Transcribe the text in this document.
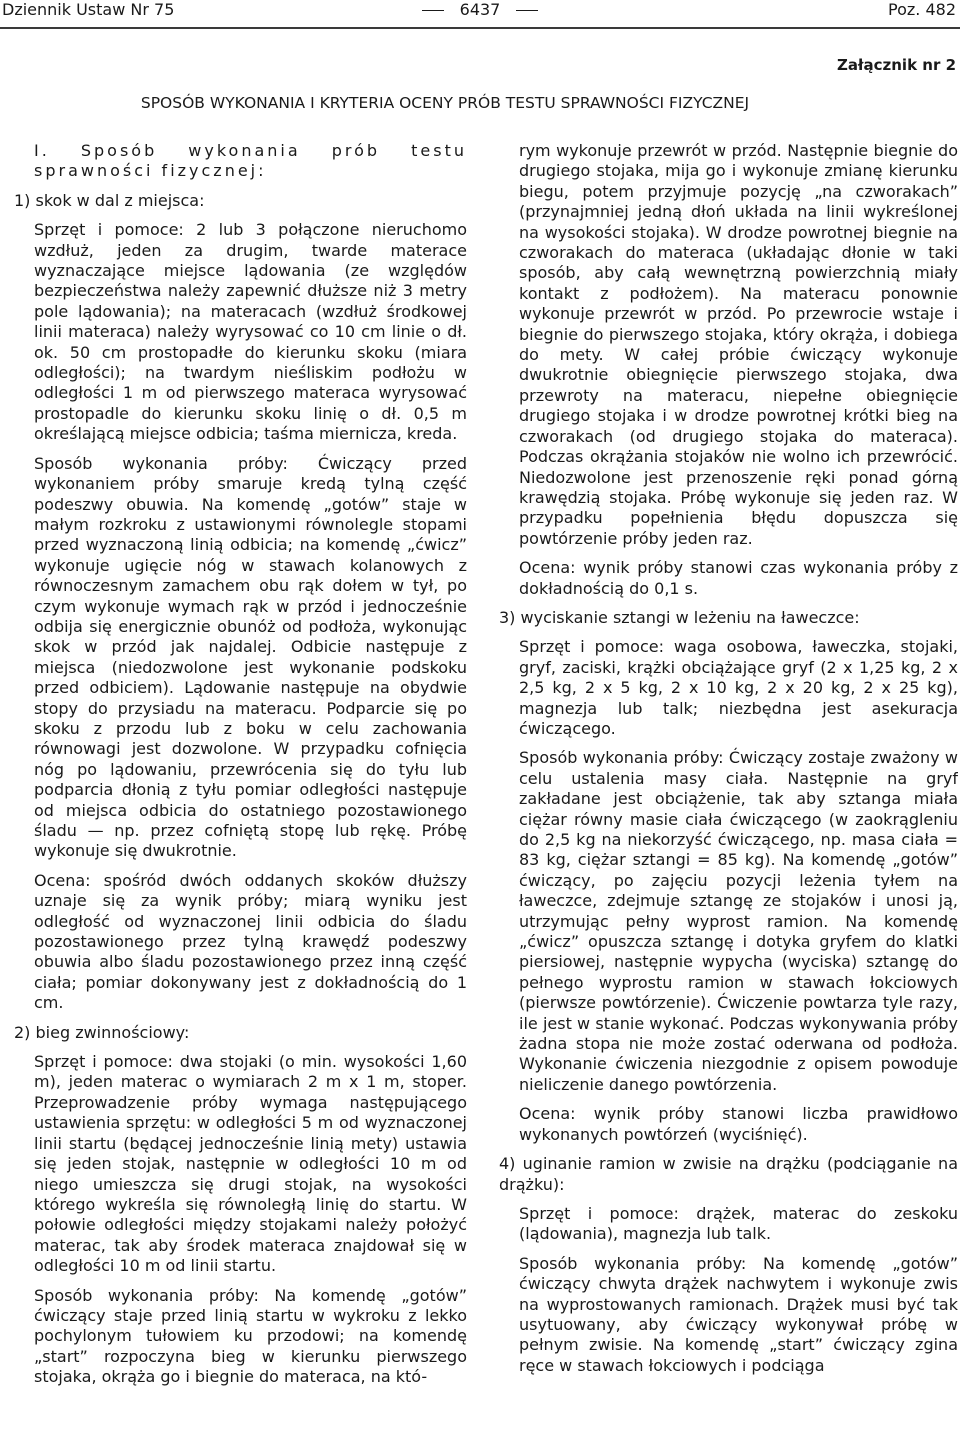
Dziennik Ustaw Nr 75	6437	Poz. 482
Załącznik nr 2
SPOSÓB WYKONANIA I KRYTERIA OCENY PRÓB TESTU SPRAWNOŚCI FIZYCZNEJ

I. Sposób wykonania prób testu sprawności fizycznej:

1) skok w dal z miejsca:

Sprzęt i pomoce: 2 lub 3 połączone nieruchomo wzdłuż, jeden za drugim, twarde materace wyznaczające miejsce lądowania (ze względów bezpieczeństwa należy zapewnić dłuższe niż 3 metry pole lądowania); na materacach (wzdłuż środkowej linii materaca) należy wyrysować co 10 cm linie o dł. ok. 50 cm prostopadłe do kierunku skoku (miara odległości); na twardym nieśliskim podłożu w odległości 1 m od pierwszego materaca wyrysować prostopadle do kierunku skoku linię o dł. 0,5 m określającą miejsce odbicia; taśma miernicza, kreda.

Sposób wykonania próby: Ćwiczący przed wykonaniem próby smaruje kredą tylną część podeszwy obuwia. Na komendę „gotów” staje w małym rozkroku z ustawionymi równolegle stopami przed wyznaczoną linią odbicia; na komendę „ćwicz” wykonuje ugięcie nóg w stawach kolanowych z równoczesnym zamachem obu rąk dołem w tył, po czym wykonuje wymach rąk w przód i jednocześnie odbija się energicznie obunóż od podłoża, wykonując skok w przód jak najdalej. Odbicie następuje z miejsca (niedozwolone jest wykonanie podskoku przed odbiciem). Lądowanie następuje na obydwie stopy do przysiadu na materacu. Podparcie się po skoku z przodu lub z boku w celu zachowania równowagi jest dozwolone. W przypadku cofnięcia nóg po lądowaniu, przewrócenia się do tyłu lub podparcia dłonią z tyłu pomiar odległości następuje od miejsca odbicia do ostatniego pozostawionego śladu — np. przez cofniętą stopę lub rękę. Próbę wykonuje się dwukrotnie.

Ocena: spośród dwóch oddanych skoków dłuższy uznaje się za wynik próby; miarą wyniku jest odległość od wyznaczonej linii odbicia do śladu pozostawionego przez tylną krawędź podeszwy obuwia albo śladu pozostawionego przez inną część ciała; pomiar dokonywany jest z dokładnością do 1 cm.

2) bieg zwinnościowy:

Sprzęt i pomoce: dwa stojaki (o min. wysokości 1,60 m), jeden materac o wymiarach 2 m x 1 m, stoper. Przeprowadzenie próby wymaga następującego ustawienia sprzętu: w odległości 5 m od wyznaczonej linii startu (będącej jednocześnie linią mety) ustawia się jeden stojak, następnie w odległości 10 m od niego umieszcza się drugi stojak, na wysokości którego wykreśla się równoległą linię do startu. W połowie odległości między stojakami należy położyć materac, tak aby środek materaca znajdował się w odległości 10 m od linii startu.

Sposób wykonania próby: Na komendę „gotów” ćwiczący staje przed linią startu w wykroku z lekko pochylonym tułowiem ku przodowi; na komendę „start” rozpoczyna bieg w kierunku pierwszego stojaka, okrąża go i biegnie do materaca, na któ-

rym wykonuje przewrót w przód. Następnie biegnie do drugiego stojaka, mija go i wykonuje zmianę kierunku biegu, potem przyjmuje pozycję „na czworakach” (przynajmniej jedną dłoń układa na linii wykreślonej na wysokości stojaka). W drodze powrotnej biegnie na czworakach do materaca (układając dłonie w taki sposób, aby całą wewnętrzną powierzchnią miały kontakt z podłożem). Na materacu ponownie wykonuje przewrót w przód. Po przewrocie wstaje i biegnie do pierwszego stojaka, który okrąża, i dobiega do mety. W całej próbie ćwiczący wykonuje dwukrotnie obiegnięcie pierwszego stojaka, dwa przewroty na materacu, niepełne obiegnięcie drugiego stojaka i w drodze powrotnej krótki bieg na czworakach (od drugiego stojaka do materaca). Podczas okrążania stojaków nie wolno ich przewrócić. Niedozwolone jest przenoszenie ręki ponad górną krawędzią stojaka. Próbę wykonuje się jeden raz. W przypadku popełnienia błędu dopuszcza się powtórzenie próby jeden raz.

Ocena: wynik próby stanowi czas wykonania próby z dokładnością do 0,1 s.

3) wyciskanie sztangi w leżeniu na ławeczce:

Sprzęt i pomoce: waga osobowa, ławeczka, stojaki, gryf, zaciski, krążki obciążające gryf (2 x 1,25 kg, 2 x 2,5 kg, 2 x 5 kg, 2 x 10 kg, 2 x 20 kg, 2 x 25 kg), magnezja lub talk; niezbędna jest asekuracja ćwiczącego.

Sposób wykonania próby: Ćwiczący zostaje zważony w celu ustalenia masy ciała. Następnie na gryf zakładane jest obciążenie, tak aby sztanga miała ciężar równy masie ciała ćwiczącego (w zaokrągleniu do 2,5 kg na niekorzyść ćwiczącego, np. masa ciała = 83 kg, ciężar sztangi = 85 kg). Na komendę „gotów” ćwiczący, po zajęciu pozycji leżenia tyłem na ławeczce, zdejmuje sztangę ze stojaków i unosi ją, utrzymując pełny wyprost ramion. Na komendę „ćwicz” opuszcza sztangę i dotyka gryfem do klatki piersiowej, następnie wypycha (wyciska) sztangę do pełnego wyprostu ramion w stawach łokciowych (pierwsze powtórzenie). Ćwiczenie powtarza tyle razy, ile jest w stanie wykonać. Podczas wykonywania próby żadna stopa nie może zostać oderwana od podłoża. Wykonanie ćwiczenia niezgodnie z opisem powoduje nieliczenie danego powtórzenia.

Ocena: wynik próby stanowi liczba prawidłowo wykonanych powtórzeń (wyciśnięć).

4) uginanie ramion w zwisie na drążku (podciąganie na drążku):

Sprzęt i pomoce: drążek, materac do zeskoku (lądowania), magnezja lub talk.

Sposób wykonania próby: Na komendę „gotów” ćwiczący chwyta drążek nachwytem i wykonuje zwis na wyprostowanych ramionach. Drążek musi być tak usytuowany, aby ćwiczący wykonywał próbę w pełnym zwisie. Na komendę „start” ćwiczący zgina ręce w stawach łokciowych i podciąga
